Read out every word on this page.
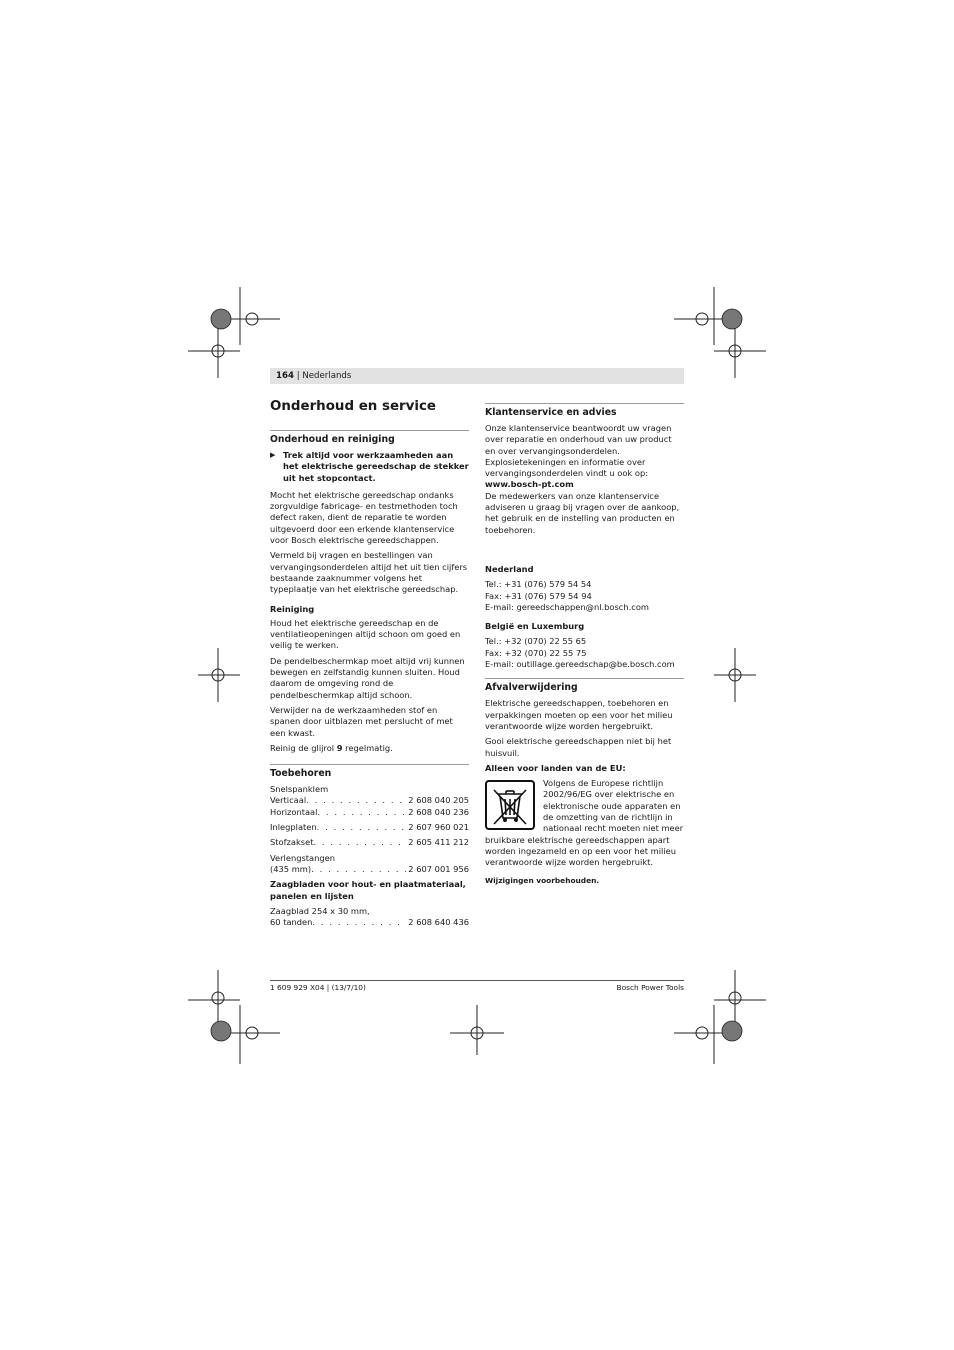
164 | Nederlands
Onderhoud en service
Onderhoud en reiniging
▶ Trek altijd voor werkzaamheden aan het elektrische gereedschap de stekker uit het stopcontact.

Mocht het elektrische gereedschap ondanks zorgvuldige fabricage- en testmethoden toch defect raken, dient de reparatie te worden uitgevoerd door een erkende klantenservice voor Bosch elektrische gereedschappen.

Vermeld bij vragen en bestellingen van vervangingsonderdelen altijd het uit tien cijfers bestaande zaaknummer volgens het typeplaatje van het elektrische gereedschap.

Reiniging

Houd het elektrische gereedschap en de ventilatieopeningen altijd schoon om goed en veilig te werken.

De pendelbeschermkap moet altijd vrij kunnen bewegen en zelfstandig kunnen sluiten. Houd daarom de omgeving rond de pendelbeschermkap altijd schoon.

Verwijder na de werkzaamheden stof en spanen door uitblazen met perslucht of met een kwast.

Reinig de glijrol 9 regelmatig.

Toebehoren
Snelspanklem
Verticaal . . .	2 608 040 205
Horizontaal . . .	2 608 040 236
Inlegplaten . . .	2 607 960 021
Stofzakset . . .	2 605 411 212
Verlengstangen
(435 mm) . . .	2 607 001 956
Zaagbladen voor hout- en plaatmateriaal, panelen en lijsten
Zaagblad 254 x 30 mm,
60 tanden . . .	2 608 640 436
Klantenservice en advies

Onze klantenservice beantwoordt uw vragen over reparatie en onderhoud van uw product en over vervangingsonderdelen. Explosietekeningen en informatie over vervangingsonderdelen vindt u ook op:

www.bosch-pt.com

De medewerkers van onze klantenservice adviseren u graag bij vragen over de aankoop, het gebruik en de instelling van producten en toebehoren.

Nederland
Tel.: +31 (076) 579 54 54
Fax: +31 (076) 579 54 94
E-mail: gereedschappen@nl.bosch.com
België en Luxemburg
Tel.: +32 (070) 22 55 65
Fax: +32 (070) 22 55 75
E-mail: outillage.gereedschap@be.bosch.com
Afvalverwijdering

Elektrische gereedschappen, toebehoren en verpakkingen moeten op een voor het milieu verantwoorde wijze worden hergebruikt.

Gooi elektrische gereedschappen niet bij het huisvuil.

Alleen voor landen van de EU:
Volgens de Europese richtlijn 2002/96/EG over elektrische en elektronische oude apparaten en de omzetting van de richtlijn in nationaal recht moeten niet meer bruikbare elektrische gereedschappen apart worden ingezameld en op een voor het milieu verantwoorde wijze worden hergebruikt.
Wijzigingen voorbehouden.
1 609 929 X04 | (13/7/10)	Bosch Power Tools
